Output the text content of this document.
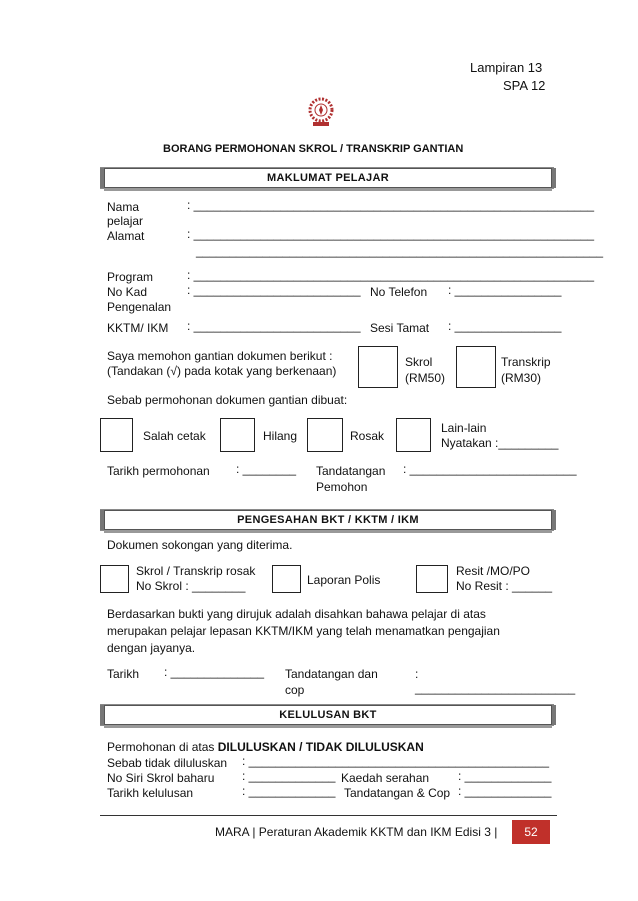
Lampiran 13
SPA 12
BORANG PERMOHONAN SKROL / TRANSKRIP GANTIAN
MAKLUMAT PELAJAR
Nama	: ____________________________________________________________
pelajar
Alamat	: ____________________________________________________________
_____________________________________________________________
Program	: ____________________________________________________________
No Kad	: _________________________ No Telefon : ________________
Pengenalan
KKTM/ IKM : _________________________ Sesi Tamat : ________________
Saya memohon gantian dokumen berikut :
(Tandakan (√) pada kotak yang berkenaan)
Skrol
(RM50)
Transkrip
(RM30)
Sebab permohonan dokumen gantian dibuat:
Salah cetak	Hilang	Rosak
Lain-lain
Nyatakan :_________
Tarikh permohonan : ________ Tandatangan
Pemohon
: _________________________
PENGESAHAN BKT / KKTM / IKM
Dokumen sokongan yang diterima.
Skrol / Transkrip rosak
No Skrol : ________	Laporan Polis
Resit /MO/PO
No Resit : ______
Berdasarkan bukti yang dirujuk adalah disahkan bahawa pelajar di atas
merupakan pelajar lepasan KKTM/IKM yang telah menamatkan pengajian
dengan jayanya.
Tarikh : ______________ Tandatangan dan
cop
:
________________________
KELULUSAN BKT
Permohonan di atas DILULUSKAN / TIDAK DILULUSKAN
Sebab tidak diluluskan : _____________________________________________
No Siri Skrol baharu : _____________ Kaedah serahan : _____________
Tarikh kelulusan	: _____________ Tandatangan & Cop : _____________
MARA | Peraturan Akademik KKTM dan IKM Edisi 3 |	52
